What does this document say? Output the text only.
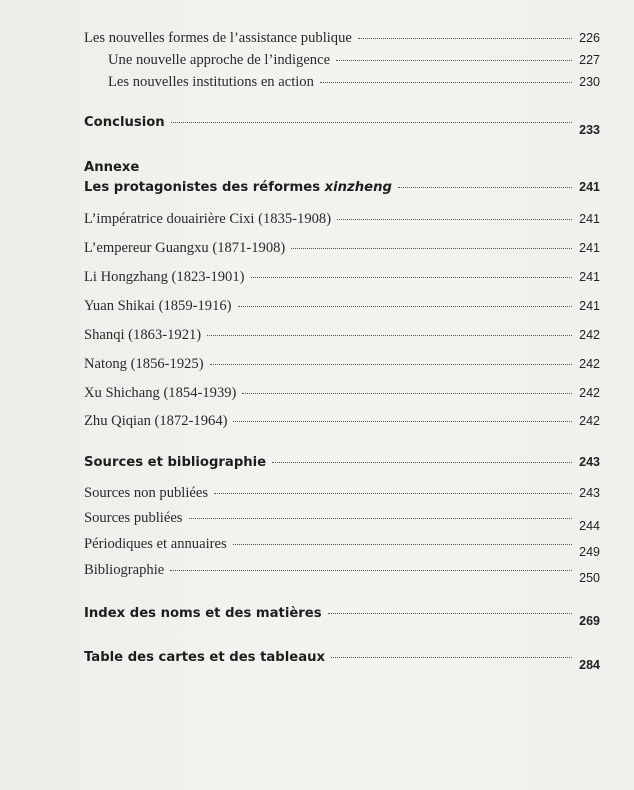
Les nouvelles formes de l’assistance publique	226
Une nouvelle approche de l’indigence	227
Les nouvelles institutions en action	230
Conclusion	233
Annexe
Les protagonistes des réformes xinzheng	241
L’impératrice douairière Cixi (1835-1908)	241
L’empereur Guangxu (1871-1908)	241
Li Hongzhang (1823-1901)	241
Yuan Shikai (1859-1916)	241
Shanqi (1863-1921)	242
Natong (1856-1925)	242
Xu Shichang (1854-1939)	242
Zhu Qiqian (1872-1964)	242
Sources et bibliographie	243
Sources non publiées	243
Sources publiées	244
Périodiques et annuaires	249
Bibliographie	250
Index des noms et des matières	269
Table des cartes et des tableaux	284
